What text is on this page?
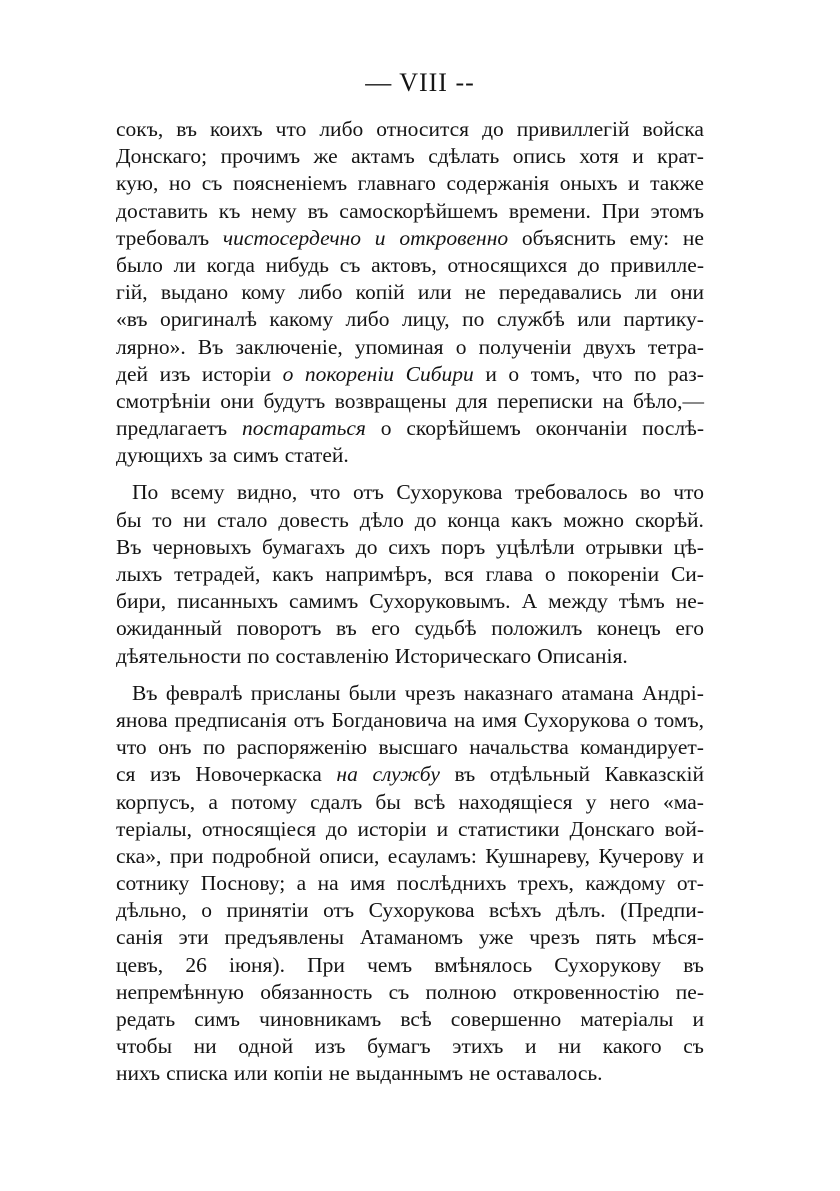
— VIII --
сокъ, въ коихъ что либо относится до привиллегій войска
Донскаго; прочимъ же актамъ сдѣлать опись хотя и крат-
кую, но съ поясненіемъ главнаго содержанія оныхъ и также
доставить къ нему въ самоскорѣйшемъ времени. При этомъ
требовалъ чистосердечно и откровенно объяснить ему: не
было ли когда нибудь съ актовъ, относящихся до привиллe-
гій, выдано кому либо копій или не передавались ли они
«въ оригиналѣ какому либо лицу, по службѣ или партику-
лярно». Въ заключеніе, упоминая о полученіи двухъ тетра-
дей изъ исторіи о покореніи Сибири и о томъ, что по раз-
смотрѣніи они будутъ возвращены для переписки на бѣло,—
предлагаетъ постараться о скорѣйшемъ окончаніи послѣ-
дующихъ за симъ статей.
По всему видно, что отъ Сухорукова требовалось во что
бы то ни стало довесть дѣло до конца какъ можно скорѣй.
Въ черновыхъ бумагахъ до сихъ поръ уцѣлѣли отрывки цѣ-
лыхъ тетрадей, какъ напримѣръ, вся глава о покореніи Си-
бири, писанныхъ самимъ Сухоруковымъ. А между тѣмъ не-
ожиданный поворотъ въ его судьбѣ положилъ конецъ его
дѣятельности по составленію Историческаго Описанія.
Въ февралѣ присланы были чрезъ наказнаго атамана Андрі-
янова предписанія отъ Богдановича на имя Сухорукова о томъ,
что онъ по распоряженію высшаго начальства командирует-
ся изъ Новочеркаска на службу въ отдѣльный Кавказскій
корпусъ, а потому сдалъ бы всѣ находящіеся у него «ма-
теріалы, относящіеся до исторіи и статистики Донскаго вой-
ска», при подробной описи, есауламъ: Кушнареву, Кучерову и
сотнику Поснову; а на имя послѣднихъ трехъ, каждому от-
дѣльно, о принятіи отъ Сухорукова всѣхъ дѣлъ. (Предпи-
санія эти предъявлены Атаманомъ уже чрезъ пять мѣся-
цевъ, 26 іюня). При чемъ вмѣнялось Сухорукову въ
непремѣнную обязанность съ полною откровенностію пе-
редать симъ чиновникамъ всѣ совершенно матеріалы и
чтобы ни одной изъ бумагъ этихъ и ни какого съ
нихъ списка или копіи не выданнымъ не оставалось.
